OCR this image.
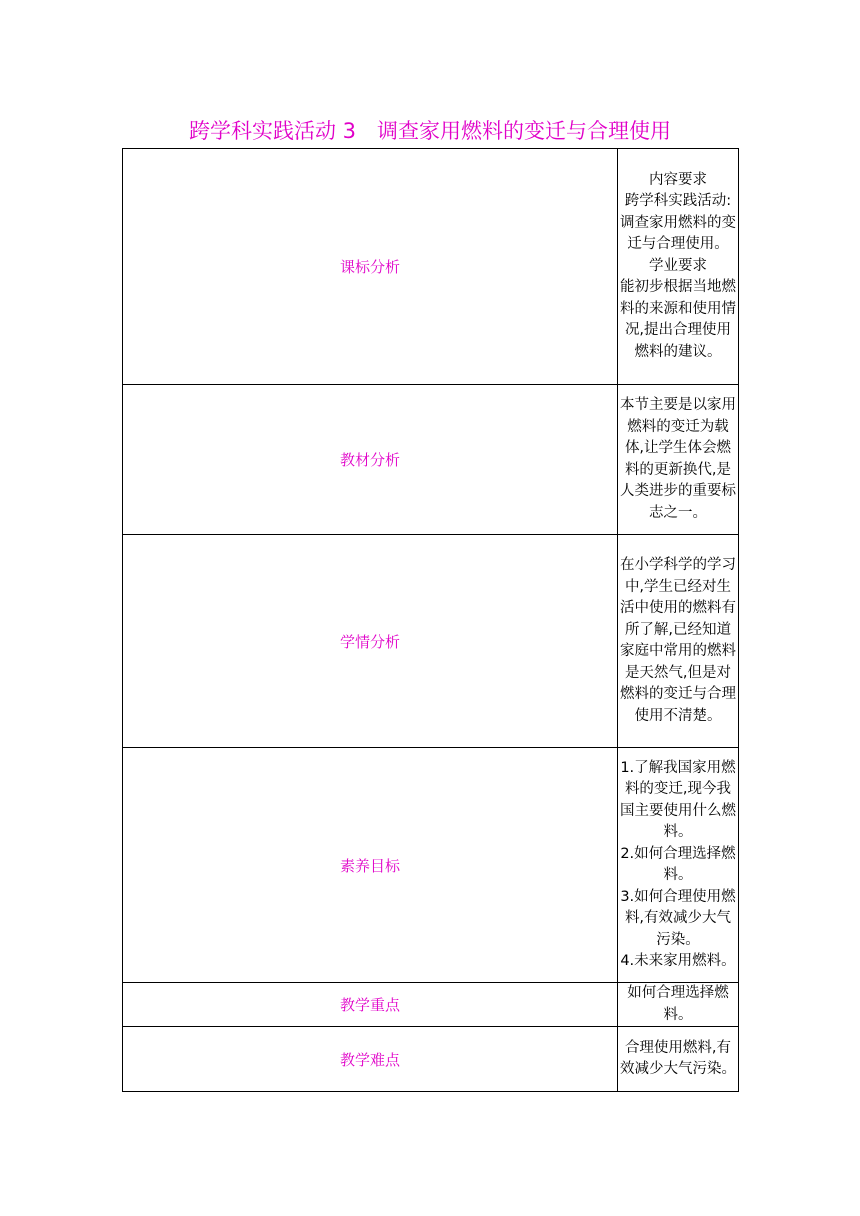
跨学科实践活动 3　调查家用燃料的变迁与合理使用
课标分析	内容要求
跨学科实践活动:调查家用燃料的变迁与合理使用。
学业要求
能初步根据当地燃料的来源和使用情况,提出合理使用燃料的建议。

教材分析	本节主要是以家用燃料的变迁为载体,让学生体会燃料的更新换代,是人类进步的重要标志之一。

学情分析	在小学科学的学习中,学生已经对生活中使用的燃料有所了解,已经知道家庭中常用的燃料是天然气,但是对燃料的变迁与合理使用不清楚。

素养目标	1.了解我国家用燃料的变迁,现今我国主要使用什么燃料。
2.如何合理选择燃料。
3.如何合理使用燃料,有效减少大气污染。
4.未来家用燃料。

教学重点	如何合理选择燃料。

教学难点	合理使用燃料,有效减少大气污染。
